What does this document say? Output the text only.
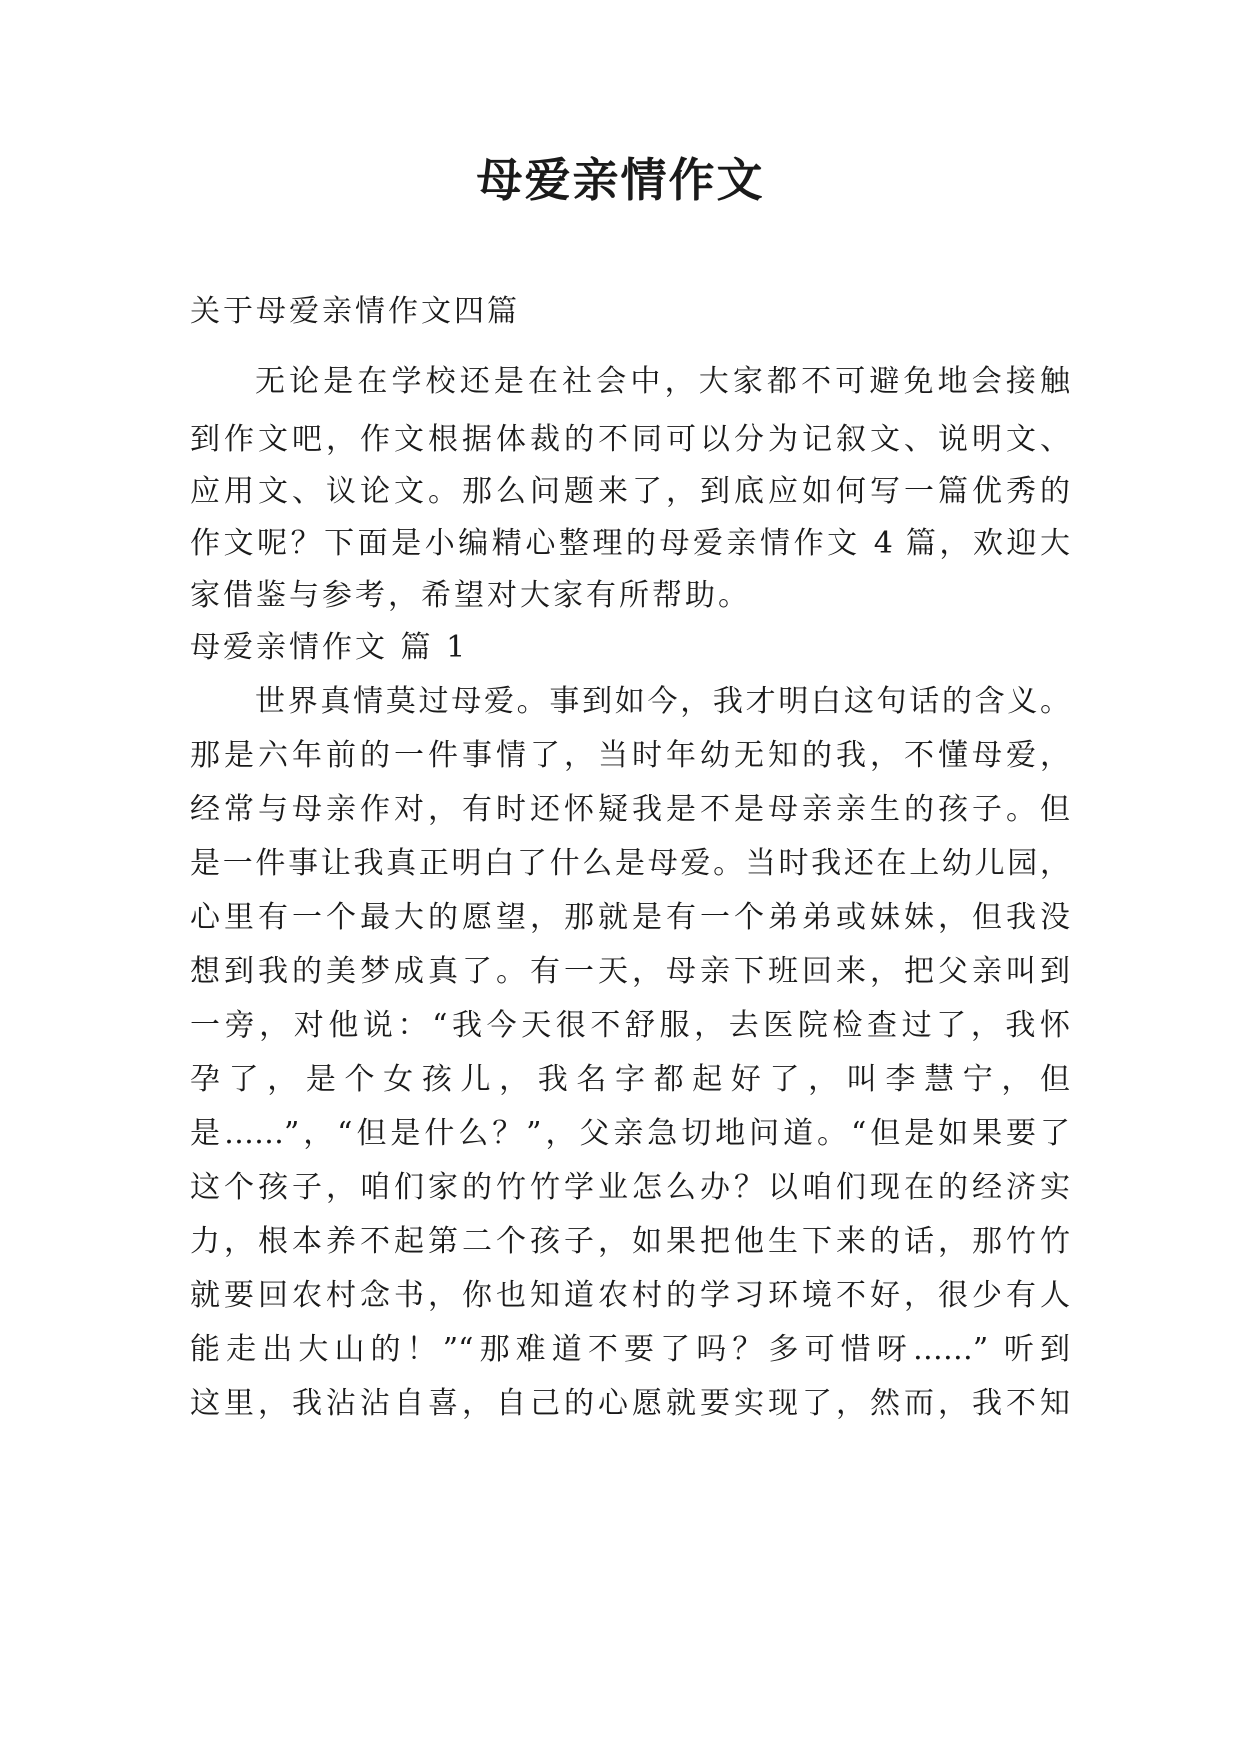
母爱亲情作文
关于母爱亲情作文四篇
无论是在学校还是在社会中，大家都不可避免地会接触
到作文吧，作文根据体裁的不同可以分为记叙文、说明文、
应用文、议论文。那么问题来了，到底应如何写一篇优秀的
作文呢？下面是小编精心整理的母爱亲情作文 4 篇，欢迎大
家借鉴与参考，希望对大家有所帮助。
母爱亲情作文 篇 1
世界真情莫过母爱。事到如今，我才明白这句话的含义。
那是六年前的一件事情了，当时年幼无知的我，不懂母爱，
经常与母亲作对，有时还怀疑我是不是母亲亲生的孩子。但
是一件事让我真正明白了什么是母爱。当时我还在上幼儿园，
心里有一个最大的愿望，那就是有一个弟弟或妹妹，但我没
想到我的美梦成真了。有一天，母亲下班回来，把父亲叫到
一旁，对他说：“我今天很不舒服，去医院检查过了，我怀
孕了，是个女孩儿，我名字都起好了，叫李慧宁，但
是……”，“但是什么？”，父亲急切地问道。“但是如果要了
这个孩子，咱们家的竹竹学业怎么办？以咱们现在的经济实
力，根本养不起第二个孩子，如果把他生下来的话，那竹竹
就要回农村念书，你也知道农村的学习环境不好，很少有人
能走出大山的！”“那难道不要了吗？多可惜呀……” 听到
这里，我沾沾自喜，自己的心愿就要实现了，然而，我不知
